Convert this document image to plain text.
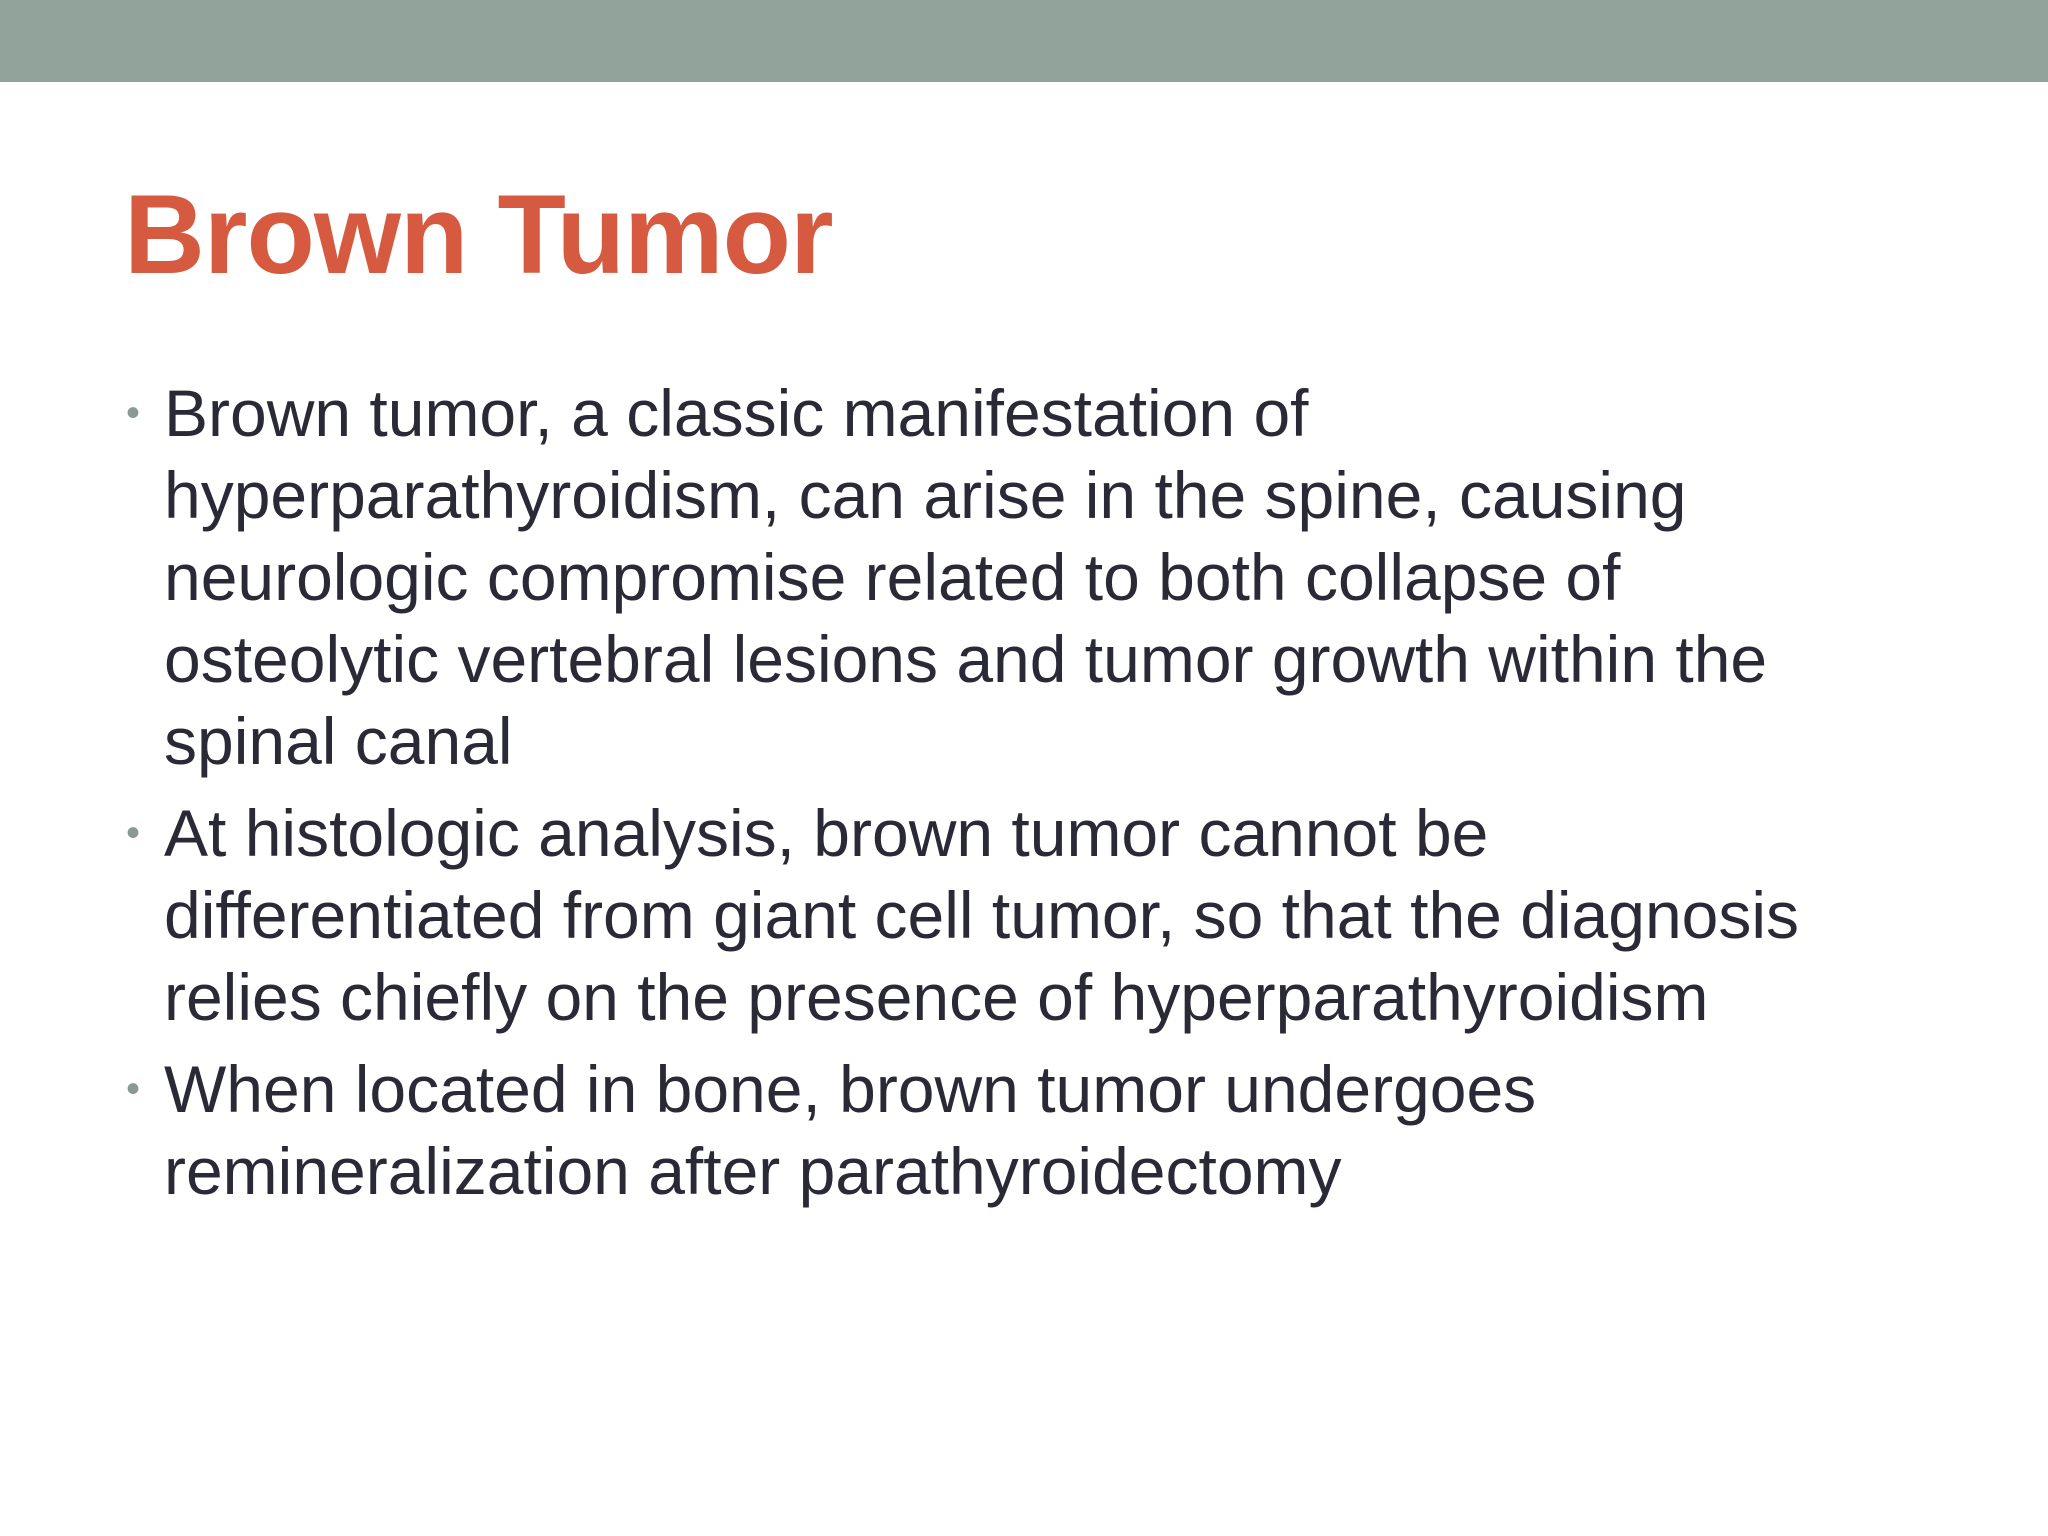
Brown Tumor
• Brown tumor, a classic manifestation of
hyperparathyroidism, can arise in the spine, causing
neurologic compromise related to both collapse of
osteolytic vertebral lesions and tumor growth within the
spinal canal
• At histologic analysis, brown tumor cannot be
differentiated from giant cell tumor, so that the diagnosis
relies chiefly on the presence of hyperparathyroidism
• When located in bone, brown tumor undergoes
remineralization after parathyroidectomy
